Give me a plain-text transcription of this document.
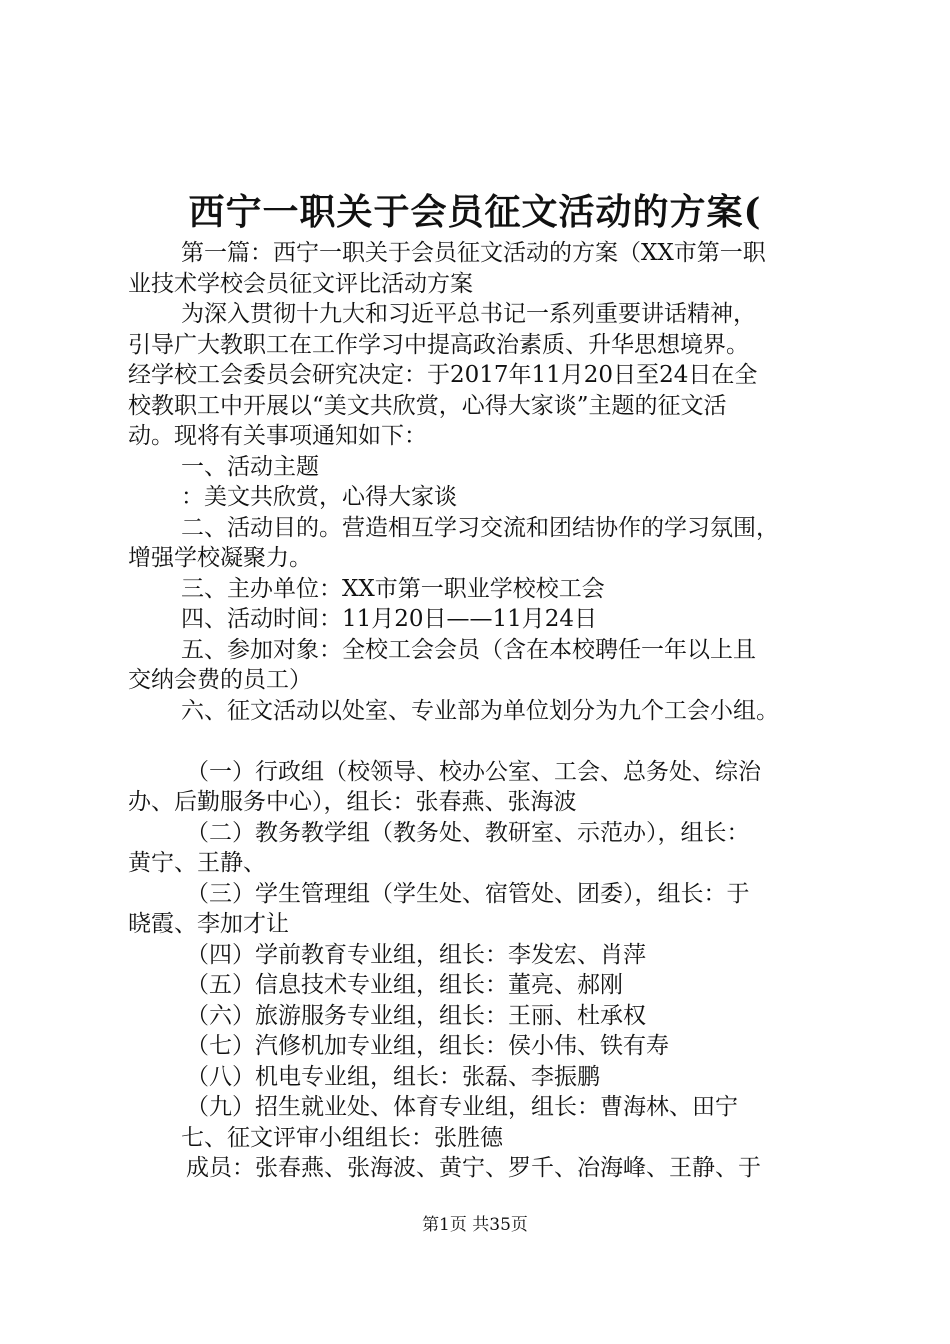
西宁一职关于会员征文活动的方案(
第一篇：西宁一职关于会员征文活动的方案（XX市第一职
业技术学校会员征文评比活动方案
为深入贯彻十九大和习近平总书记一系列重要讲话精神，
引导广大教职工在工作学习中提高政治素质、升华思想境界。
经学校工会委员会研究决定：于2017年11月20日至24日在全
校教职工中开展以“美文共欣赏，心得大家谈”主题的征文活
动。现将有关事项通知如下：
一、活动主题
：美文共欣赏，心得大家谈
二、活动目的。营造相互学习交流和团结协作的学习氛围，
增强学校凝聚力。
三、主办单位：XX市第一职业学校校工会
四、活动时间：11月20日——11月24日
五、参加对象：全校工会会员（含在本校聘任一年以上且
交纳会费的员工）
六、征文活动以处室、专业部为单位划分为九个工会小组。
（一）行政组（校领导、校办公室、工会、总务处、综治
办、后勤服务中心），组长：张春燕、张海波
（二）教务教学组（教务处、教研室、示范办），组长：
黄宁、王静、
（三）学生管理组（学生处、宿管处、团委），组长：于
晓霞、李加才让
（四）学前教育专业组，组长：李发宏、肖萍
（五）信息技术专业组，组长：董亮、郝刚
（六）旅游服务专业组，组长：王丽、杜承权
（七）汽修机加专业组，组长：侯小伟、铁有寿
（八）机电专业组，组长：张磊、李振鹏
（九）招生就业处、体育专业组，组长：曹海林、田宁
七、征文评审小组组长：张胜德
成员：张春燕、张海波、黄宁、罗千、冶海峰、王静、于
第1页 共35页
